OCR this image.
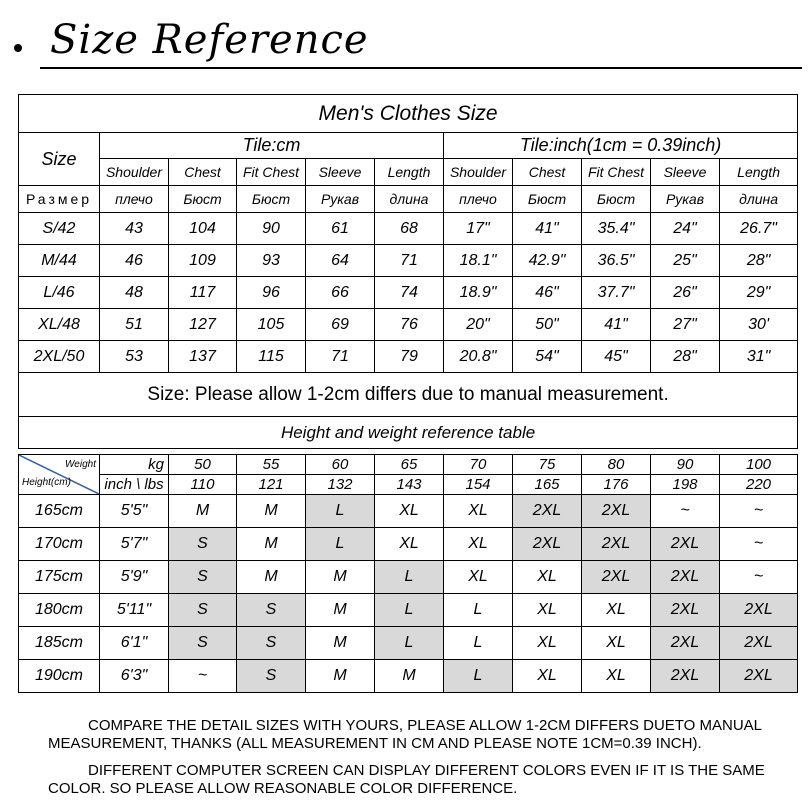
Size Reference
Men's Clothes Size										
Size	Tile:cm					Tile:inch(1cm = 0.39inch)				
	Shoulder	Chest	Fit Chest	Sleeve	Length	Shoulder	Chest	Fit Chest	Sleeve	Length
Размер	плечо	Бюст	Бюст	Рукав	длина	плечо	Бюст	Бюст	Рукав	длина
S/42	43	104	90	61	68	17"	41"	35.4"	24"	26.7"
M/44	46	109	93	64	71	18.1"	42.9"	36.5"	25"	28"
L/46	48	117	96	66	74	18.9"	46"	37.7"	26"	29"
XL/48	51	127	105	69	76	20"	50"	41"	27"	30'
2XL/50	53	137	115	71	79	20.8"	54"	45"	28"	31"
Size: Please allow 1-2cm differs due to manual measurement.										
Height and weight reference table										
Weight
Height(cm)	kg	50	55	60	65	70	75	80	90	100
	inch \ lbs	110	121	132	143	154	165	176	198	220
165cm	5'5"	M	M	L	XL	XL	2XL	2XL	~	~
170cm	5'7"	S	M	L	XL	XL	2XL	2XL	2XL	~
175cm	5'9"	S	M	M	L	XL	XL	2XL	2XL	~
180cm	5'11"	S	S	M	L	L	XL	XL	2XL	2XL
185cm	6'1"	S	S	M	L	L	XL	XL	2XL	2XL
190cm	6'3"	~	S	M	M	L	XL	XL	2XL	2XL

COMPARE THE DETAIL SIZES WITH YOURS, PLEASE ALLOW 1-2CM DIFFERS DUETO MANUAL MEASUREMENT, THANKS (ALL MEASUREMENT IN CM AND PLEASE NOTE 1CM=0.39 INCH).

DIFFERENT COMPUTER SCREEN CAN DISPLAY DIFFERENT COLORS EVEN IF IT IS THE SAME COLOR. SO PLEASE ALLOW REASONABLE COLOR DIFFERENCE.
